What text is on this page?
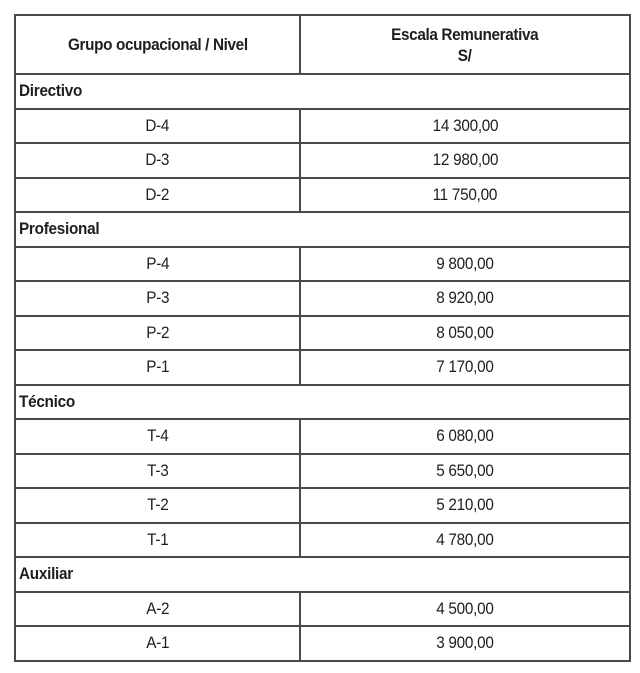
Grupo ocupacional / Nivel	Escala Remunerativa
S/
Directivo	
D-4	14 300,00
D-3	12 980,00
D-2	11 750,00
Profesional	
P-4	9 800,00
P-3	8 920,00
P-2	8 050,00
P-1	7 170,00
Técnico	
T-4	6 080,00
T-3	5 650,00
T-2	5 210,00
T-1	4 780,00
Auxiliar	
A-2	4 500,00
A-1	3 900,00
